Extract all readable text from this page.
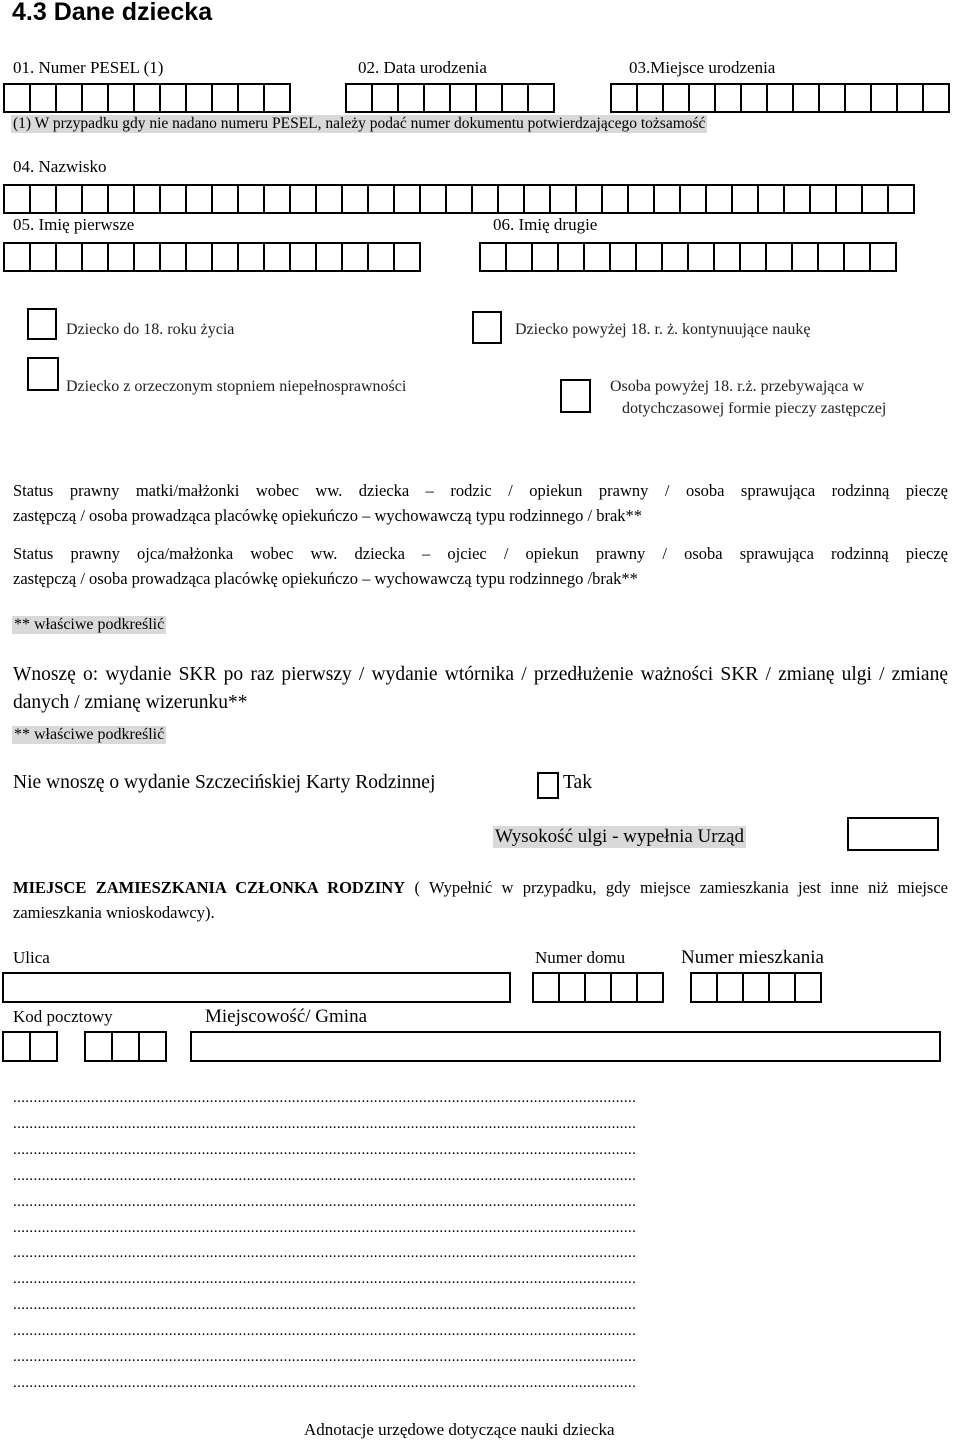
4.3 Dane dziecka
01. Numer PESEL (1)	02. Data urodzenia	03.Miejsce urodzenia
(1) W przypadku gdy nie nadano numeru PESEL, należy podać numer dokumentu potwierdzającego tożsamość
04. Nazwisko
05. Imię pierwsze	06. Imię drugie
Dziecko do 18. roku życia	Dziecko powyżej 18. r. ż. kontynuujące naukę
Dziecko z orzeczonym stopniem niepełnosprawności	Osoba powyżej 18. r.ż. przebywająca w
dotychczasowej formie pieczy zastępczej
Status prawny matki/małżonki wobec ww. dziecka – rodzic / opiekun prawny / osoba sprawująca rodzinną pieczę
zastępczą / osoba prowadząca placówkę opiekuńczo – wychowawczą typu rodzinnego / brak**
Status prawny ojca/małżonka wobec ww. dziecka – ojciec / opiekun prawny / osoba sprawująca rodzinną pieczę
zastępczą / osoba prowadząca placówkę opiekuńczo – wychowawczą typu rodzinnego /brak**
** właściwe podkreślić
Wnoszę o: wydanie SKR po raz pierwszy / wydanie wtórnika / przedłużenie ważności SKR / zmianę ulgi / zmianę danych / zmianę wizerunku**
** właściwe podkreślić
Nie wnoszę o wydanie Szczecińskiej Karty Rodzinnej	Tak
Wysokość ulgi - wypełnia Urząd
MIEJSCE ZAMIESZKANIA CZŁONKA RODZINY ( Wypełnić w przypadku, gdy miejsce zamieszkania jest inne niż miejsce zamieszkania wnioskodawcy).
Ulica	Numer domu	Numer mieszkania
Kod pocztowy	Miejscowość/ Gmina
........................................................................................................................................................
........................................................................................................................................................
........................................................................................................................................................
........................................................................................................................................................
........................................................................................................................................................
........................................................................................................................................................
........................................................................................................................................................
........................................................................................................................................................
........................................................................................................................................................
........................................................................................................................................................
........................................................................................................................................................
........................................................................................................................................................
Adnotacje urzędowe dotyczące nauki dziecka
